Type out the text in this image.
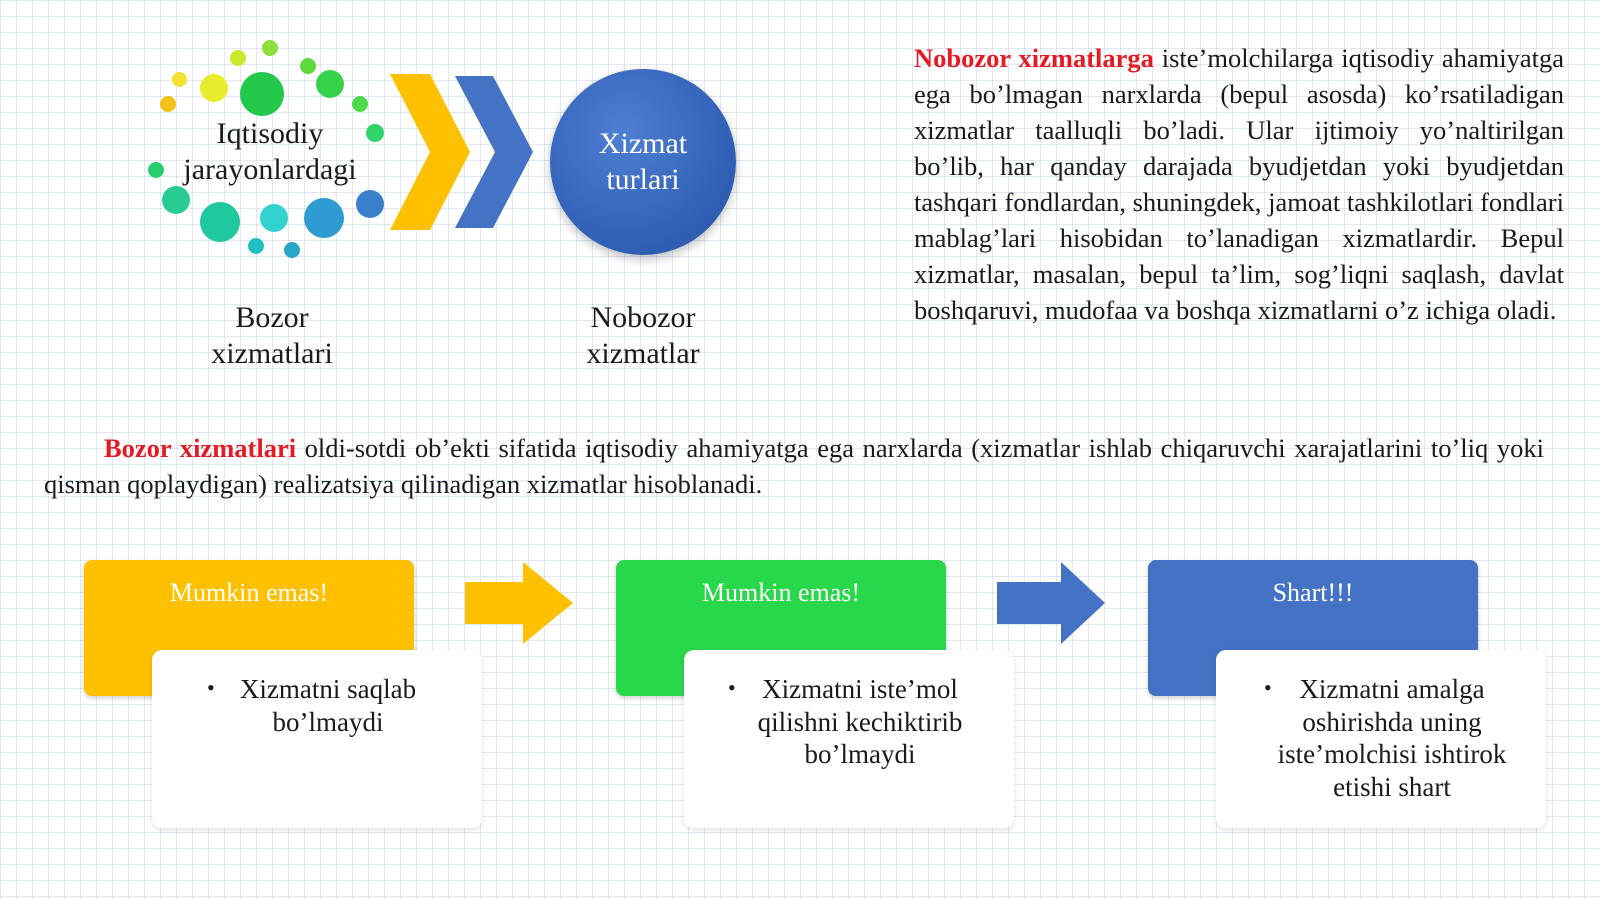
Iqtisodiy
jarayonlardagi
Xizmat
turlari
Bozor
xizmatlari
Nobozor
xizmatlar
Nobozor xizmatlarga iste’molchilarga iqtisodiy ahamiyatga ega bo’lmagan narxlarda (bepul asosda) ko’rsatiladigan xizmatlar taalluqli bo’ladi. Ular ijtimoiy yo’naltirilgan bo’lib, har qanday darajada byudjetdan yoki byudjetdan tashqari fondlardan, shuningdek, jamoat tashkilotlari fondlari mablag’lari hisobidan to’lanadigan xizmatlardir. Bepul xizmatlar, masalan, bepul ta’lim, sog’liqni saqlash, davlat boshqaruvi, mudofaa va boshqa xizmatlarni o’z ichiga oladi.
Bozor xizmatlari oldi-sotdi ob’ekti sifatida iqtisodiy ahamiyatga ega narxlarda (xizmatlar ishlab chiqaruvchi xarajatlarini to’liq yoki qisman qoplaydigan) realizatsiya qilinadigan xizmatlar hisoblanadi.
Mumkin emas!
• Xizmatni saqlab
bo’lmaydi
Mumkin emas!
• Xizmatni iste’mol
qilishni kechiktirib
bo’lmaydi
Shart!!!
•	Xizmatni amalga
oshirishda uning
iste’molchisi ishtirok
etishi shart
